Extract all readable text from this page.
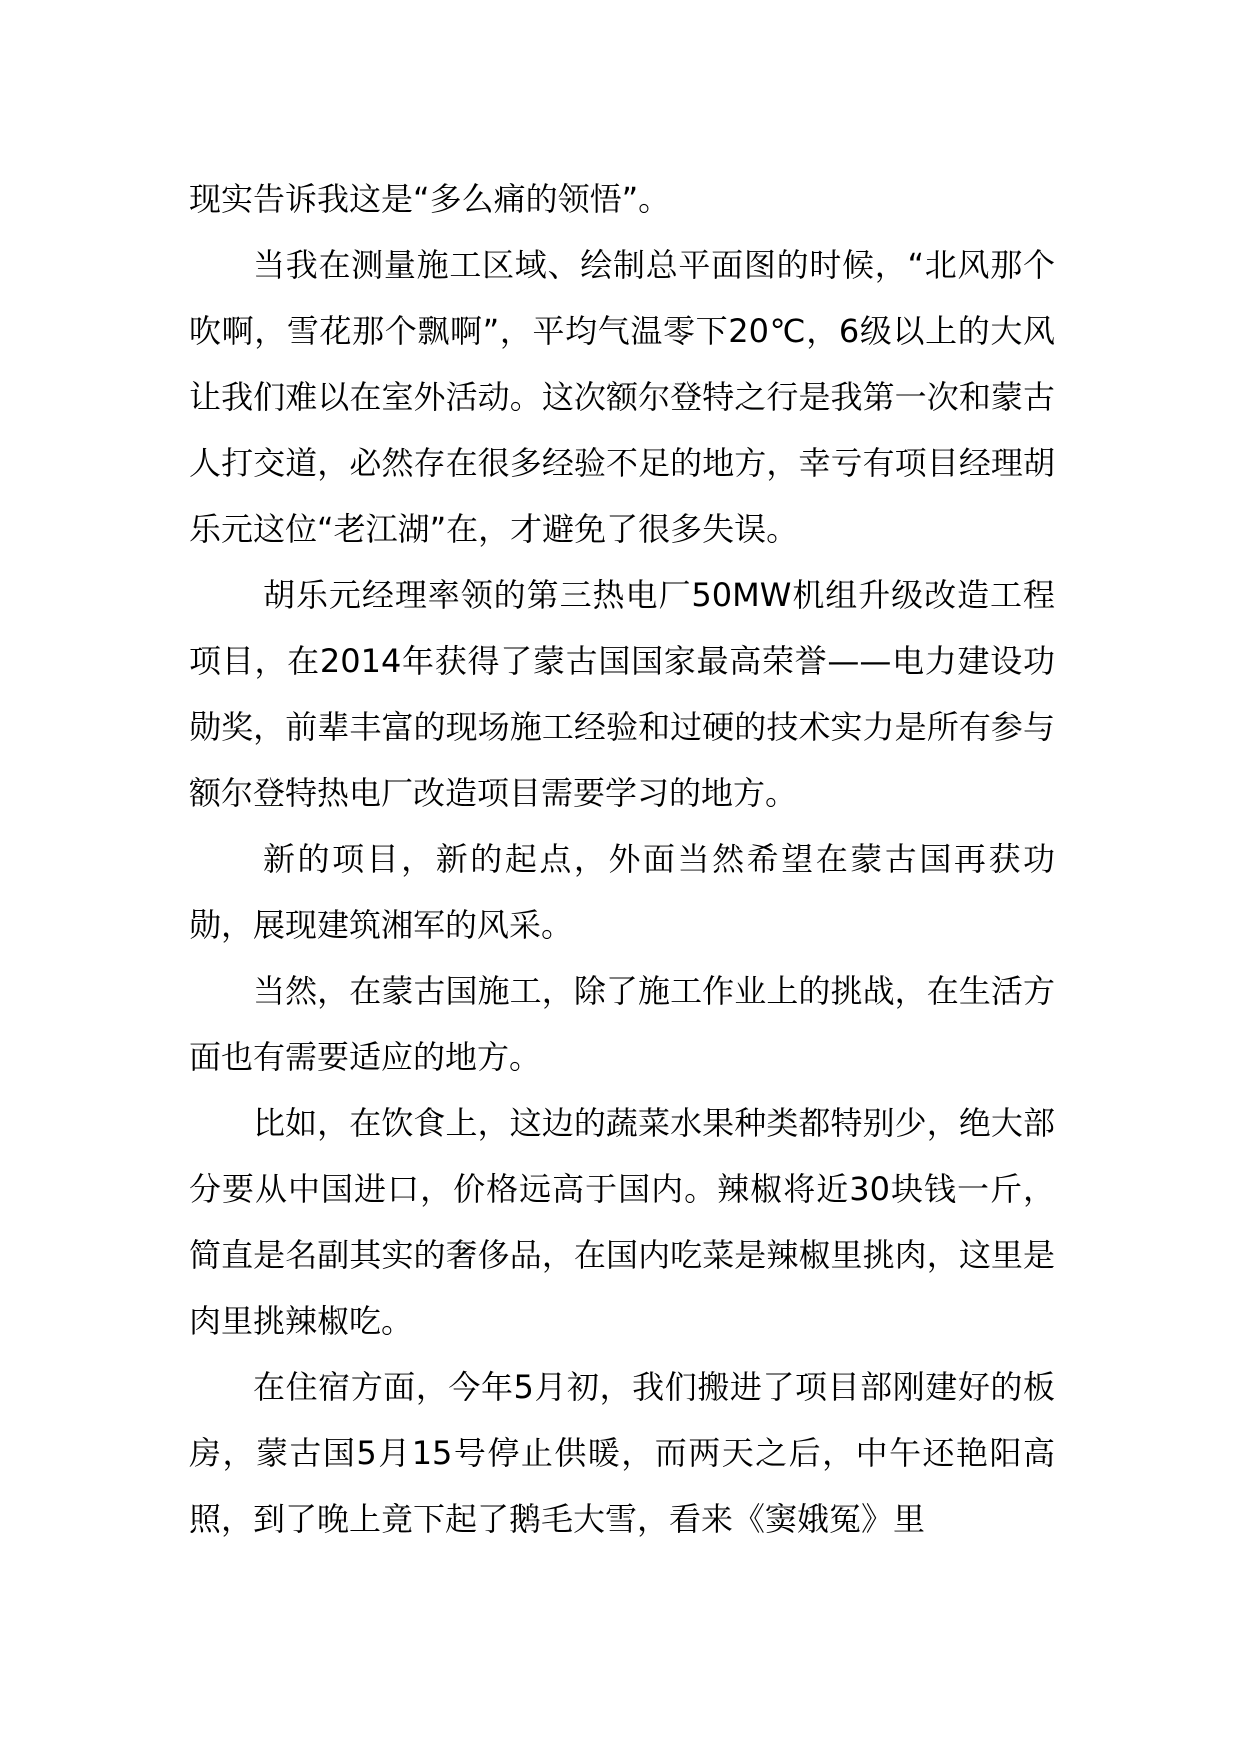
现实告诉我这是“多么痛的领悟”。

当我在测量施工区域、绘制总平面图的时候，“北风那个吹啊，雪花那个飘啊”，平均气温零下20℃，6级以上的大风让我们难以在室外活动。这次额尔登特之行是我第一次和蒙古人打交道，必然存在很多经验不足的地方，幸亏有项目经理胡乐元这位“老江湖”在，才避免了很多失误。

胡乐元经理率领的第三热电厂50MW机组升级改造工程项目，在2014年获得了蒙古国国家最高荣誉——电力建设功勋奖，前辈丰富的现场施工经验和过硬的技术实力是所有参与额尔登特热电厂改造项目需要学习的地方。

新的项目，新的起点，外面当然希望在蒙古国再获功勋，展现建筑湘军的风采。

当然，在蒙古国施工，除了施工作业上的挑战，在生活方面也有需要适应的地方。

比如，在饮食上，这边的蔬菜水果种类都特别少，绝大部分要从中国进口，价格远高于国内。辣椒将近30块钱一斤，简直是名副其实的奢侈品，在国内吃菜是辣椒里挑肉，这里是肉里挑辣椒吃。

在住宿方面，今年5月初，我们搬进了项目部刚建好的板房，蒙古国5月15号停止供暖，而两天之后，中午还艳阳高照，到了晚上竟下起了鹅毛大雪，看来《窦娥冤》里
